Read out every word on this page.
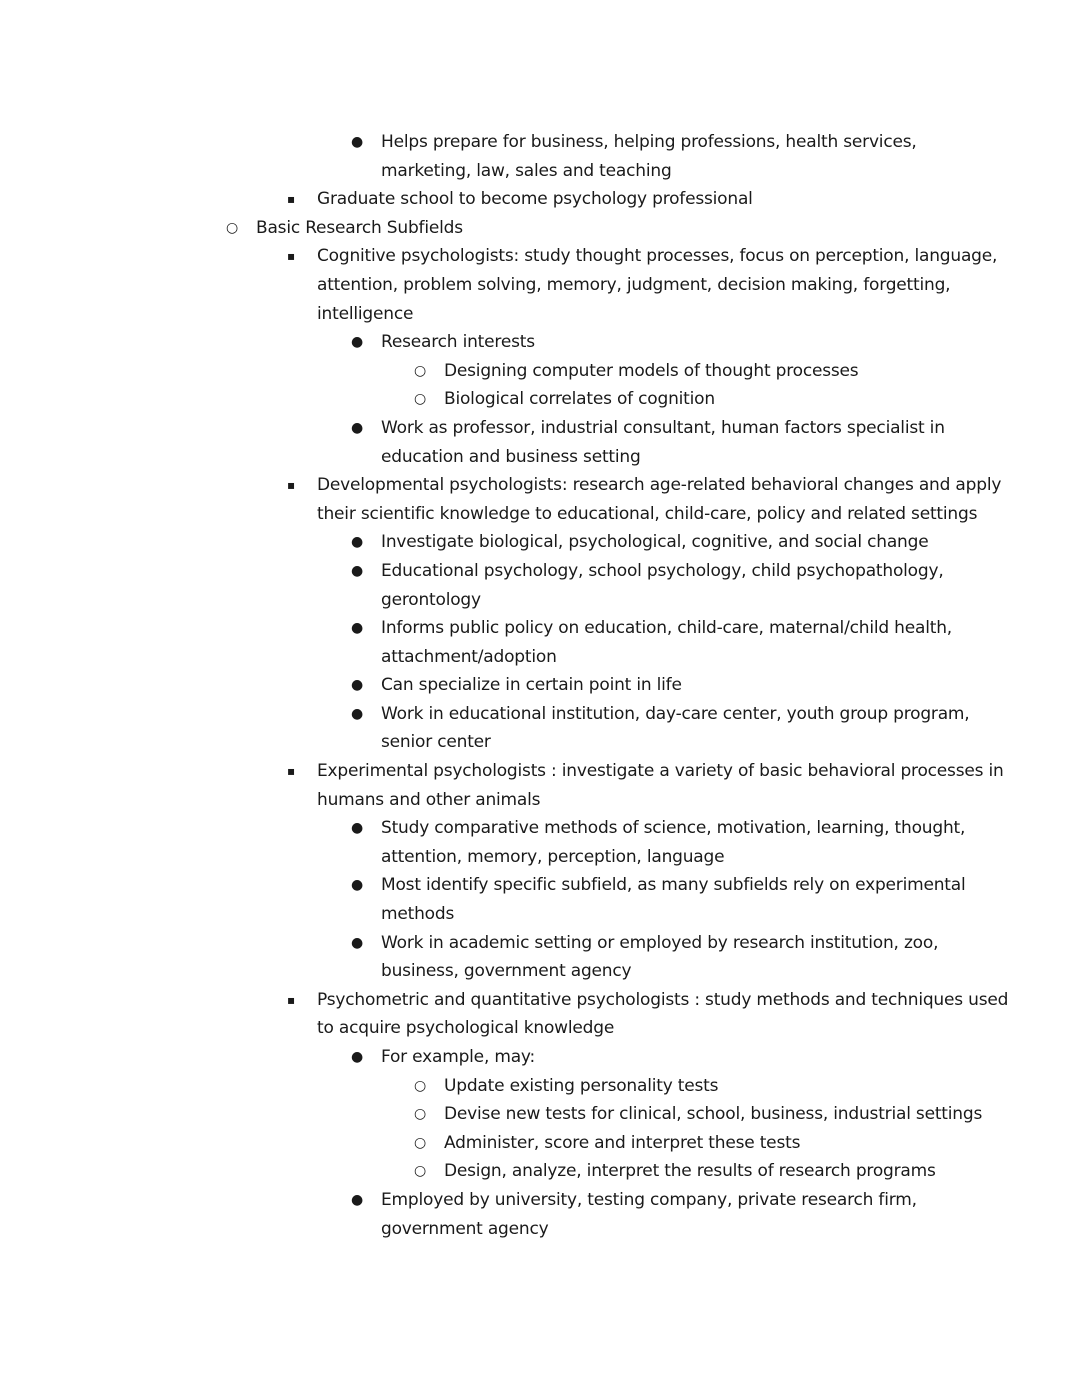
●	Helps prepare for business, helping professions, health services,
marketing, law, sales and teaching
▪	Graduate school to become psychology professional
○	Basic Research Subfields
▪	Cognitive psychologists: study thought processes, focus on perception, language,
attention, problem solving, memory, judgment, decision making, forgetting,
intelligence
●	Research interests
○	Designing computer models of thought processes
○	Biological correlates of cognition
●	Work as professor, industrial consultant, human factors specialist in
education and business setting
▪	Developmental psychologists: research age-related behavioral changes and apply
their scientific knowledge to educational, child-care, policy and related settings
●	Investigate biological, psychological, cognitive, and social change
●	Educational psychology, school psychology, child psychopathology,
gerontology
●	Informs public policy on education, child-care, maternal/child health,
attachment/adoption
●	Can specialize in certain point in life
●	Work in educational institution, day-care center, youth group program,
senior center
▪	Experimental psychologists : investigate a variety of basic behavioral processes in
humans and other animals
●	Study comparative methods of science, motivation, learning, thought,
attention, memory, perception, language
●	Most identify specific subfield, as many subfields rely on experimental
methods
●	Work in academic setting or employed by research institution, zoo,
business, government agency
▪	Psychometric and quantitative psychologists : study methods and techniques used
to acquire psychological knowledge
●	For example, may:
○	Update existing personality tests
○	Devise new tests for clinical, school, business, industrial settings
○	Administer, score and interpret these tests
○	Design, analyze, interpret the results of research programs
●	Employed by university, testing company, private research firm,
government agency
